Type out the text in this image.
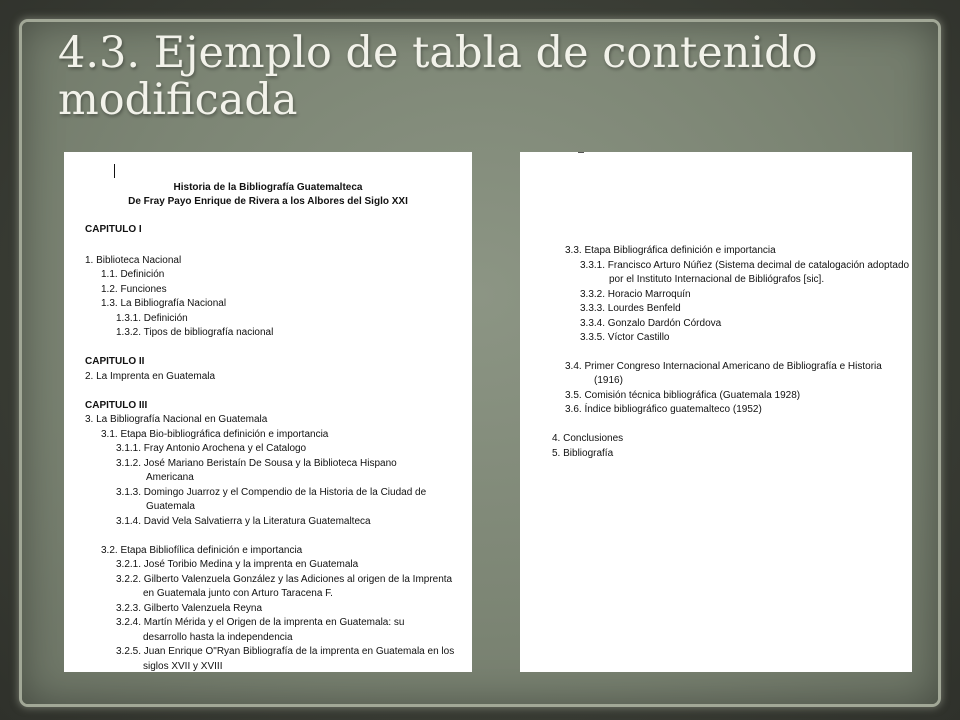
4.3. Ejemplo de tabla de contenido modificada
Historia de la Bibliografía Guatemalteca
De Fray Payo Enrique de Rivera a los Albores del Siglo XXI
CAPITULO I
1. Biblioteca Nacional
1.1. Definición
1.2. Funciones
1.3. La Bibliografía Nacional
1.3.1. Definición
1.3.2. Tipos de bibliografía nacional
CAPITULO II
2. La Imprenta en Guatemala
CAPITULO III
3. La Bibliografía Nacional en Guatemala
3.1. Etapa Bio-bibliográfica definición e importancia
3.1.1. Fray Antonio Arochena y el Catalogo
3.1.2. José Mariano Beristaín De Sousa y la Biblioteca Hispano
Americana
3.1.3. Domingo Juarroz y el Compendio de la Historia de la Ciudad de
Guatemala
3.1.4. David Vela Salvatierra y la Literatura Guatemalteca
3.2. Etapa Bibliofílica definición e importancia
3.2.1. José Toribio Medina y la imprenta en Guatemala
3.2.2. Gilberto Valenzuela González y las Adiciones al origen de la Imprenta
en Guatemala junto con Arturo Taracena F.
3.2.3. Gilberto Valenzuela Reyna
3.2.4. Martín Mérida y el Origen de la imprenta en Guatemala: su
desarrollo hasta la independencia
3.2.5. Juan Enrique O"Ryan Bibliografía de la imprenta en Guatemala en los
siglos XVII y XVIII
3.3. Etapa Bibliográfica definición e importancia
3.3.1. Francisco Arturo Núñez (Sistema decimal de catalogación adoptado
por el Instituto Internacional de Bibliógrafos [sic].
3.3.2. Horacio Marroquín
3.3.3. Lourdes Benfeld
3.3.4. Gonzalo Dardón Córdova
3.3.5. Víctor Castillo
3.4. Primer Congreso Internacional Americano de Bibliografía e Historia
(1916)
3.5. Comisión técnica bibliográfica (Guatemala 1928)
3.6. Índice bibliográfico guatemalteco (1952)
4. Conclusiones
5. Bibliografía
